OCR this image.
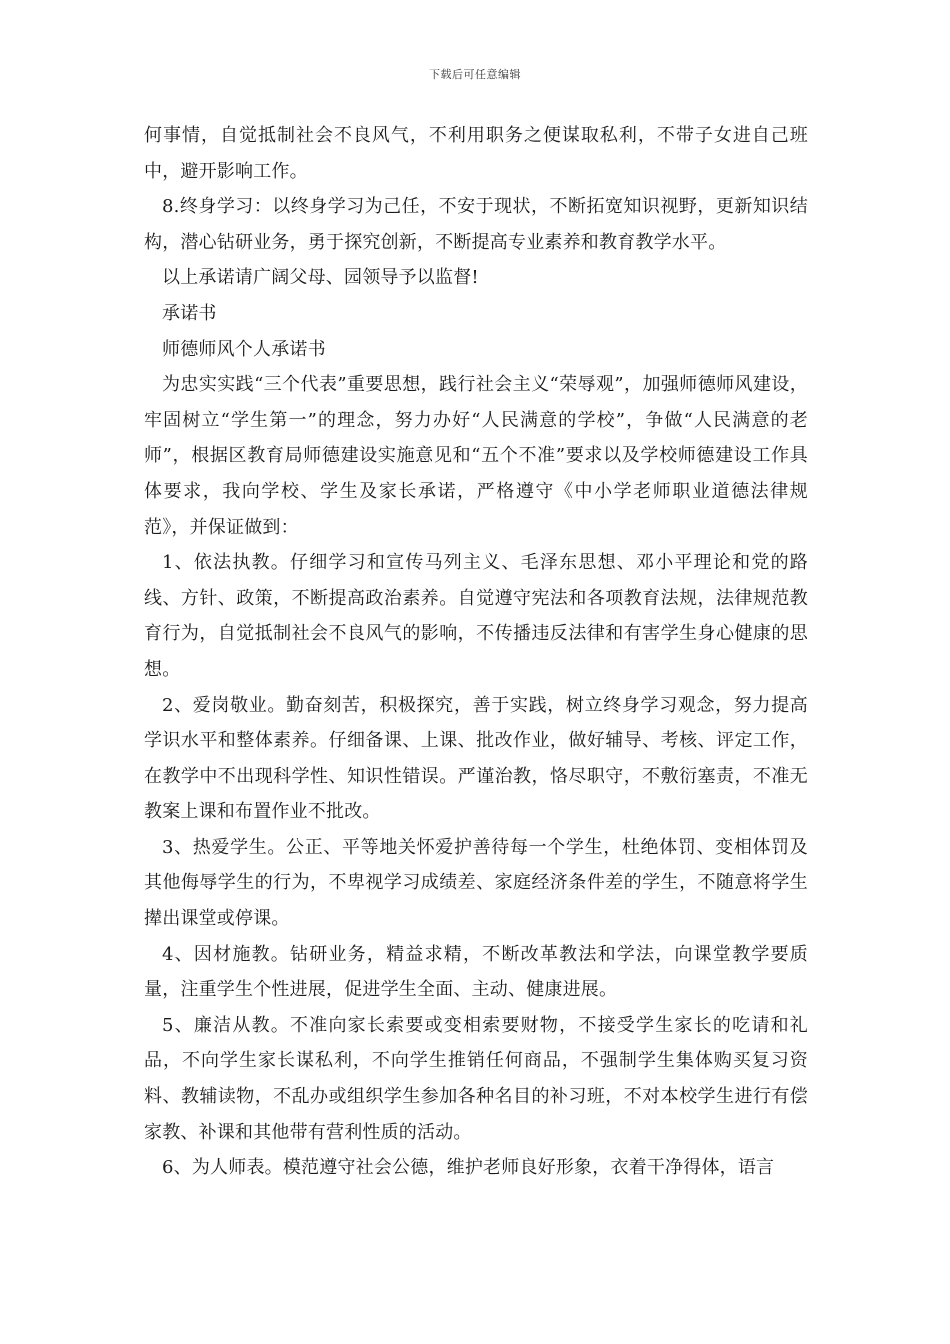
下载后可任意编辑

何事情，自觉抵制社会不良风气，不利用职务之便谋取私利，不带子女进自己班中，避开影响工作。

8.终身学习：以终身学习为己任，不安于现状，不断拓宽知识视野，更新知识结构，潜心钻研业务，勇于探究创新，不断提高专业素养和教育教学水平。

以上承诺请广阔父母、园领导予以监督!

承诺书

师德师风个人承诺书

为忠实实践“三个代表”重要思想，践行社会主义“荣辱观”，加强师德师风建设，牢固树立“学生第一”的理念，努力办好“人民满意的学校”，争做“人民满意的老师”，根据区教育局师德建设实施意见和“五个不准”要求以及学校师德建设工作具体要求，我向学校、学生及家长承诺，严格遵守《中小学老师职业道德法律规范》，并保证做到：

1、依法执教。仔细学习和宣传马列主义、毛泽东思想、邓小平理论和党的路线、方针、政策，不断提高政治素养。自觉遵守宪法和各项教育法规，法律规范教育行为，自觉抵制社会不良风气的影响，不传播违反法律和有害学生身心健康的思想。

2、爱岗敬业。勤奋刻苦，积极探究，善于实践，树立终身学习观念，努力提高学识水平和整体素养。仔细备课、上课、批改作业，做好辅导、考核、评定工作，在教学中不出现科学性、知识性错误。严谨治教，恪尽职守，不敷衍塞责，不准无教案上课和布置作业不批改。

3、热爱学生。公正、平等地关怀爱护善待每一个学生，杜绝体罚、变相体罚及其他侮辱学生的行为，不卑视学习成绩差、家庭经济条件差的学生，不随意将学生撵出课堂或停课。

4、因材施教。钻研业务，精益求精，不断改革教法和学法，向课堂教学要质量，注重学生个性进展，促进学生全面、主动、健康进展。

5、廉洁从教。不准向家长索要或变相索要财物，不接受学生家长的吃请和礼品，不向学生家长谋私利，不向学生推销任何商品，不强制学生集体购买复习资料、教辅读物，不乱办或组织学生参加各种名目的补习班，不对本校学生进行有偿家教、补课和其他带有营利性质的活动。

6、为人师表。模范遵守社会公德，维护老师良好形象，衣着干净得体，语言
